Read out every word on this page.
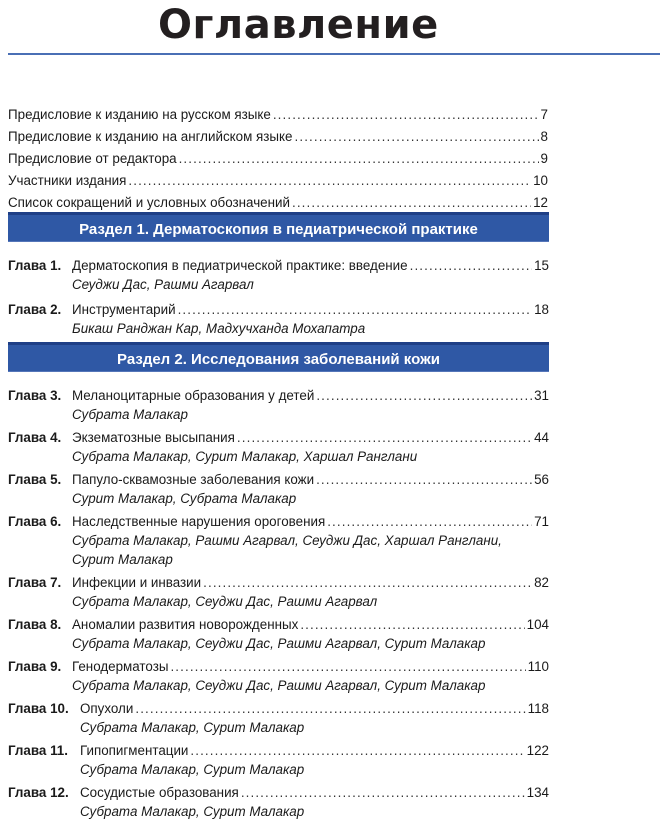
Оглавление
Предисловие к изданию на русском языке . . .	7
Предисловие к изданию на английском языке . . .	8
Предисловие от редактора . . .	9
Участники издания . . .	10
Список сокращений и условных обозначений . . .	12
Раздел 1. Дерматоскопия в педиатрической практике
Глава 1. Дерматоскопия в педиатрической практике: введение . . .	15
Сеуджи Дас, Рашми Агарвал
Глава 2. Инструментарий . . .	18
Бикаш Ранджан Кар, Мадхучханда Мохапатра
Раздел 2. Исследования заболеваний кожи
Глава 3. Меланоцитарные образования у детей . . .	31
Субрата Малакар
Глава 4. Экзематозные высыпания . . .	44
Субрата Малакар, Сурит Малакар, Харшал Ранглани
Глава 5. Папуло-сквамозные заболевания кожи . . .	56
Сурит Малакар, Субрата Малакар
Глава 6. Наследственные нарушения ороговения . . .	71
Субрата Малакар, Рашми Агарвал, Сеуджи Дас, Харшал Ранглани,
Сурит Малакар
Глава 7. Инфекции и инвазии . . .	82
Субрата Малакар, Сеуджи Дас, Рашми Агарвал
Глава 8. Аномалии развития новорожденных . . .	104
Субрата Малакар, Сеуджи Дас, Рашми Агарвал, Сурит Малакар
Глава 9. Генодерматозы . . .	110
Субрата Малакар, Сеуджи Дас, Рашми Агарвал, Сурит Малакар
Глава 10. Опухоли . . .	118
Субрата Малакар, Сурит Малакар
Глава 11. Гипопигментации . . .	122
Субрата Малакар, Сурит Малакар
Глава 12. Сосудистые образования . . .	134
Субрата Малакар, Сурит Малакар
